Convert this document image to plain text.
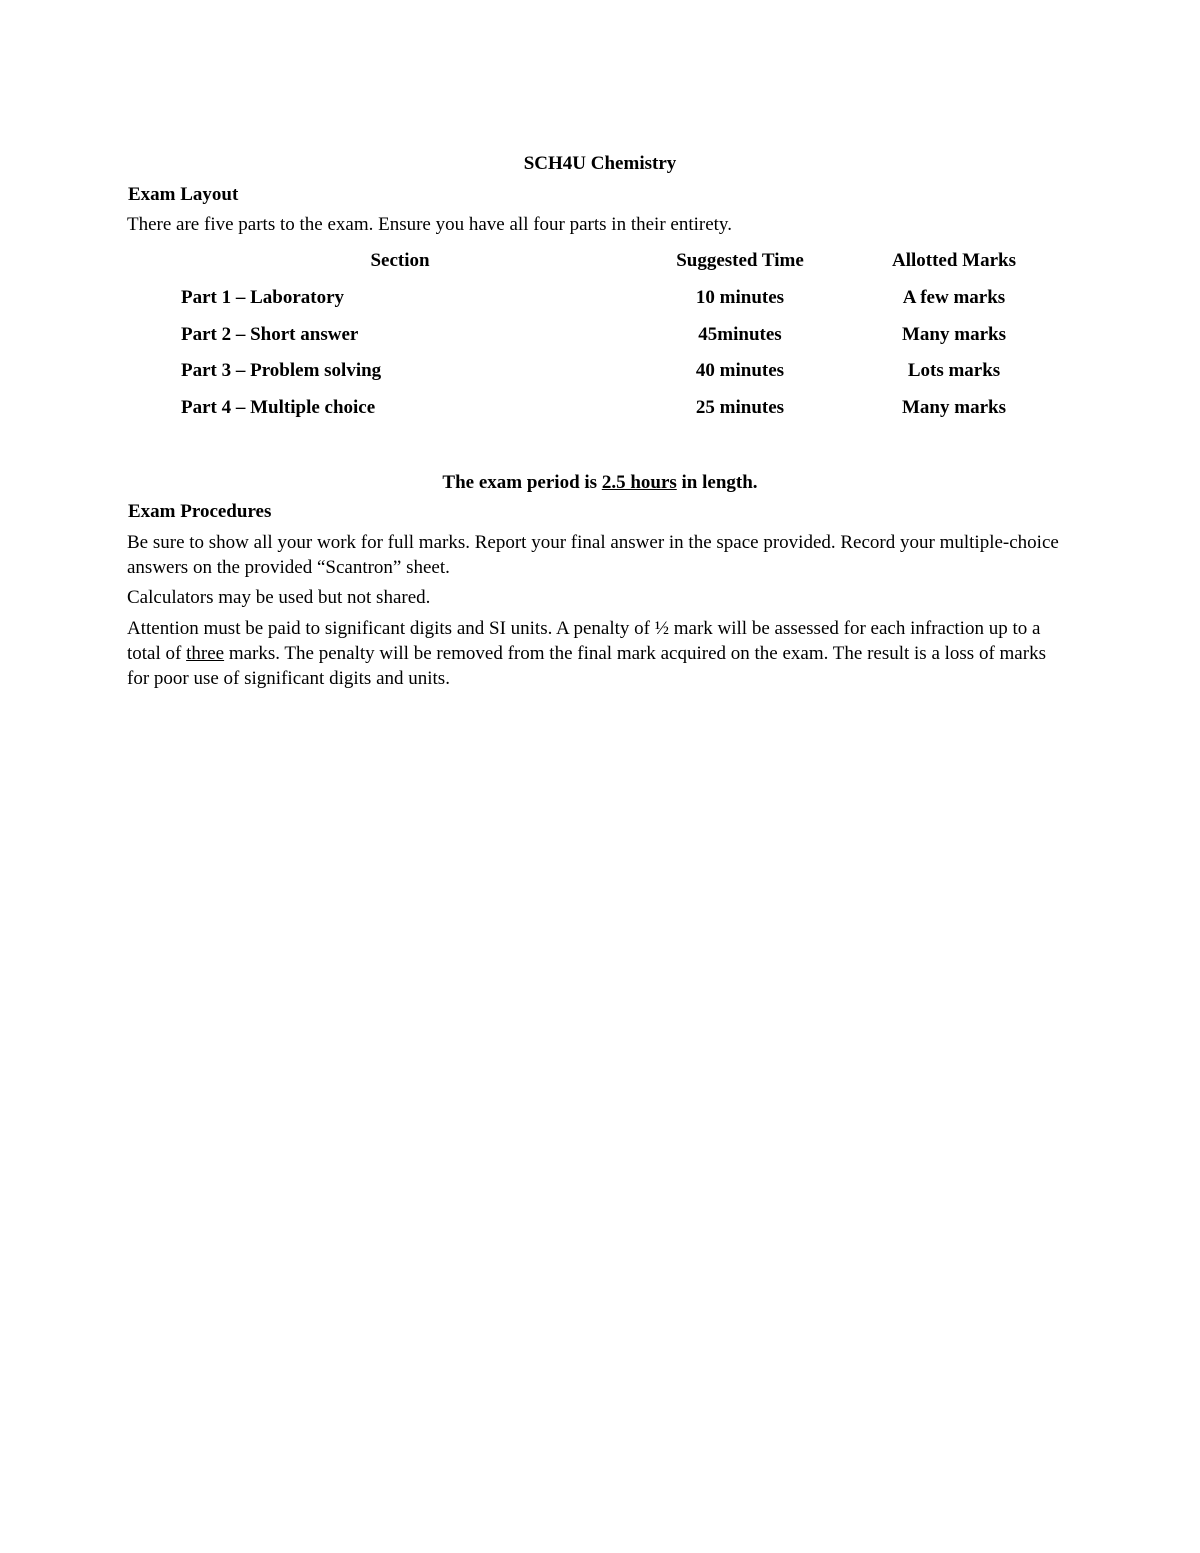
SCH4U Chemistry
Exam Layout
There are five parts to the exam. Ensure you have all four parts in their entirety.
Section	Suggested Time	Allotted Marks
Part 1 – Laboratory	10 minutes	A few marks
Part 2 – Short answer	45minutes	Many marks
Part 3 – Problem solving	40 minutes	Lots marks
Part 4 – Multiple choice	25 minutes	Many marks
The exam period is 2.5 hours in length.
Exam Procedures
Be sure to show all your work for full marks. Report your final answer in the space provided. Record your multiple-choice answers on the provided “Scantron” sheet.
Calculators may be used but not shared.
Attention must be paid to significant digits and SI units. A penalty of ½ mark will be assessed for each infraction up to a total of three marks. The penalty will be removed from the final mark acquired on the exam. The result is a loss of marks for poor use of significant digits and units.
